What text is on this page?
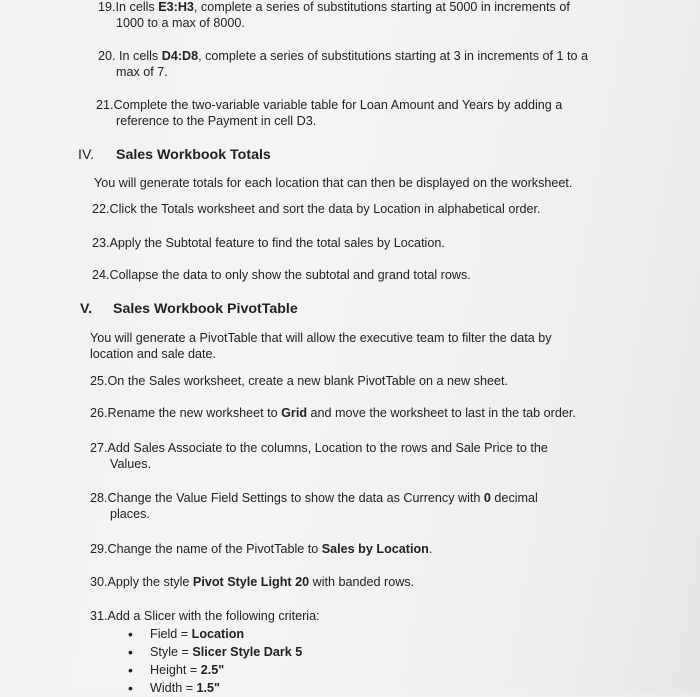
19.In cells E3:H3, complete a series of substitutions starting at 5000 in increments of
1000 to a max of 8000.

20. In cells D4:D8, complete a series of substitutions starting at 3 in increments of 1 to a
max of 7.

21.Complete the two-variable variable table for Loan Amount and Years by adding a
reference to the Payment in cell D3.

IV. Sales Workbook Totals

You will generate totals for each location that can then be displayed on the worksheet.

22.Click the Totals worksheet and sort the data by Location in alphabetical order.

23.Apply the Subtotal feature to find the total sales by Location.

24.Collapse the data to only show the subtotal and grand total rows.

V. Sales Workbook PivotTable

You will generate a PivotTable that will allow the executive team to filter the data by
location and sale date.

25.On the Sales worksheet, create a new blank PivotTable on a new sheet.

26.Rename the new worksheet to Grid and move the worksheet to last in the tab order.

27.Add Sales Associate to the columns, Location to the rows and Sale Price to the
Values.

28.Change the Value Field Settings to show the data as Currency with 0 decimal
places.

29.Change the name of the PivotTable to Sales by Location.

30.Apply the style Pivot Style Light 20 with banded rows.

31.Add a Slicer with the following criteria:

• Field = Location
• Style = Slicer Style Dark 5
• Height = 2.5"
• Width = 1.5"
